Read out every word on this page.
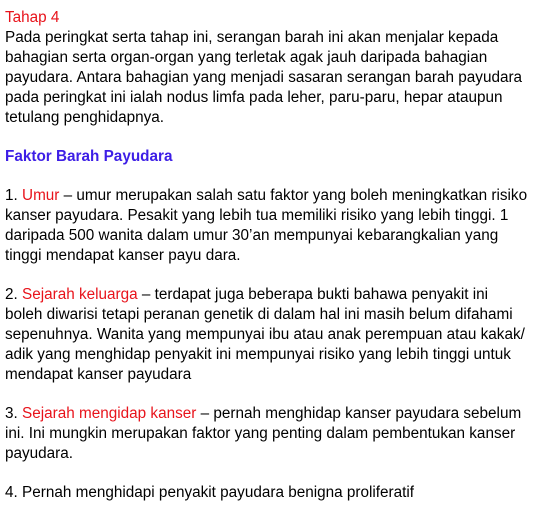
Tahap 4

Pada peringkat serta tahap ini, serangan barah ini akan menjalar kepada

bahagian serta organ-organ yang terletak agak jauh daripada bahagian

payudara. Antara bahagian yang menjadi sasaran serangan barah payudara

pada peringkat ini ialah nodus limfa pada leher, paru-paru, hepar ataupun

tetulang penghidapnya.

Faktor Barah Payudara

1. Umur – umur merupakan salah satu faktor yang boleh meningkatkan risiko

kanser payudara. Pesakit yang lebih tua memiliki risiko yang lebih tinggi. 1

daripada 500 wanita dalam umur 30’an mempunyai kebarangkalian yang

tinggi mendapat kanser payu dara.

2. Sejarah keluarga – terdapat juga beberapa bukti bahawa penyakit ini

boleh diwarisi tetapi peranan genetik di dalam hal ini masih belum difahami

sepenuhnya. Wanita yang mempunyai ibu atau anak perempuan atau kakak/

adik yang menghidap penyakit ini mempunyai risiko yang lebih tinggi untuk

mendapat kanser payudara

3. Sejarah mengidap kanser – pernah menghidap kanser payudara sebelum

ini. Ini mungkin merupakan faktor yang penting dalam pembentukan kanser

payudara.

4. Pernah menghidapi penyakit payudara benigna proliferatif
